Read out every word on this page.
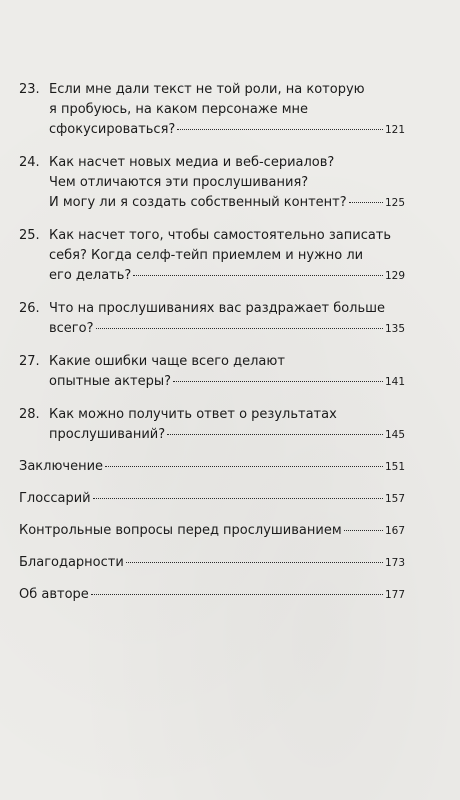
23. Если мне дали текст не той роли, на которую
я пробуюсь, на каком персонаже мне
сфокусироваться?	121
24. Как насчет новых медиа и веб-сериалов?
Чем отличаются эти прослушивания?
И могу ли я создать собственный контент?	125
25. Как насчет того, чтобы самостоятельно записать
себя? Когда селф-тейп приемлем и нужно ли
его делать?	129
26. Что на прослушиваниях вас раздражает больше
всего?	135
27. Какие ошибки чаще всего делают
опытные актеры?	141
28. Как можно получить ответ о результатах
прослушиваний?	145
Заключение	151
Глоссарий	157
Контрольные вопросы перед прослушиванием	167
Благодарности	173
Об авторе	177
